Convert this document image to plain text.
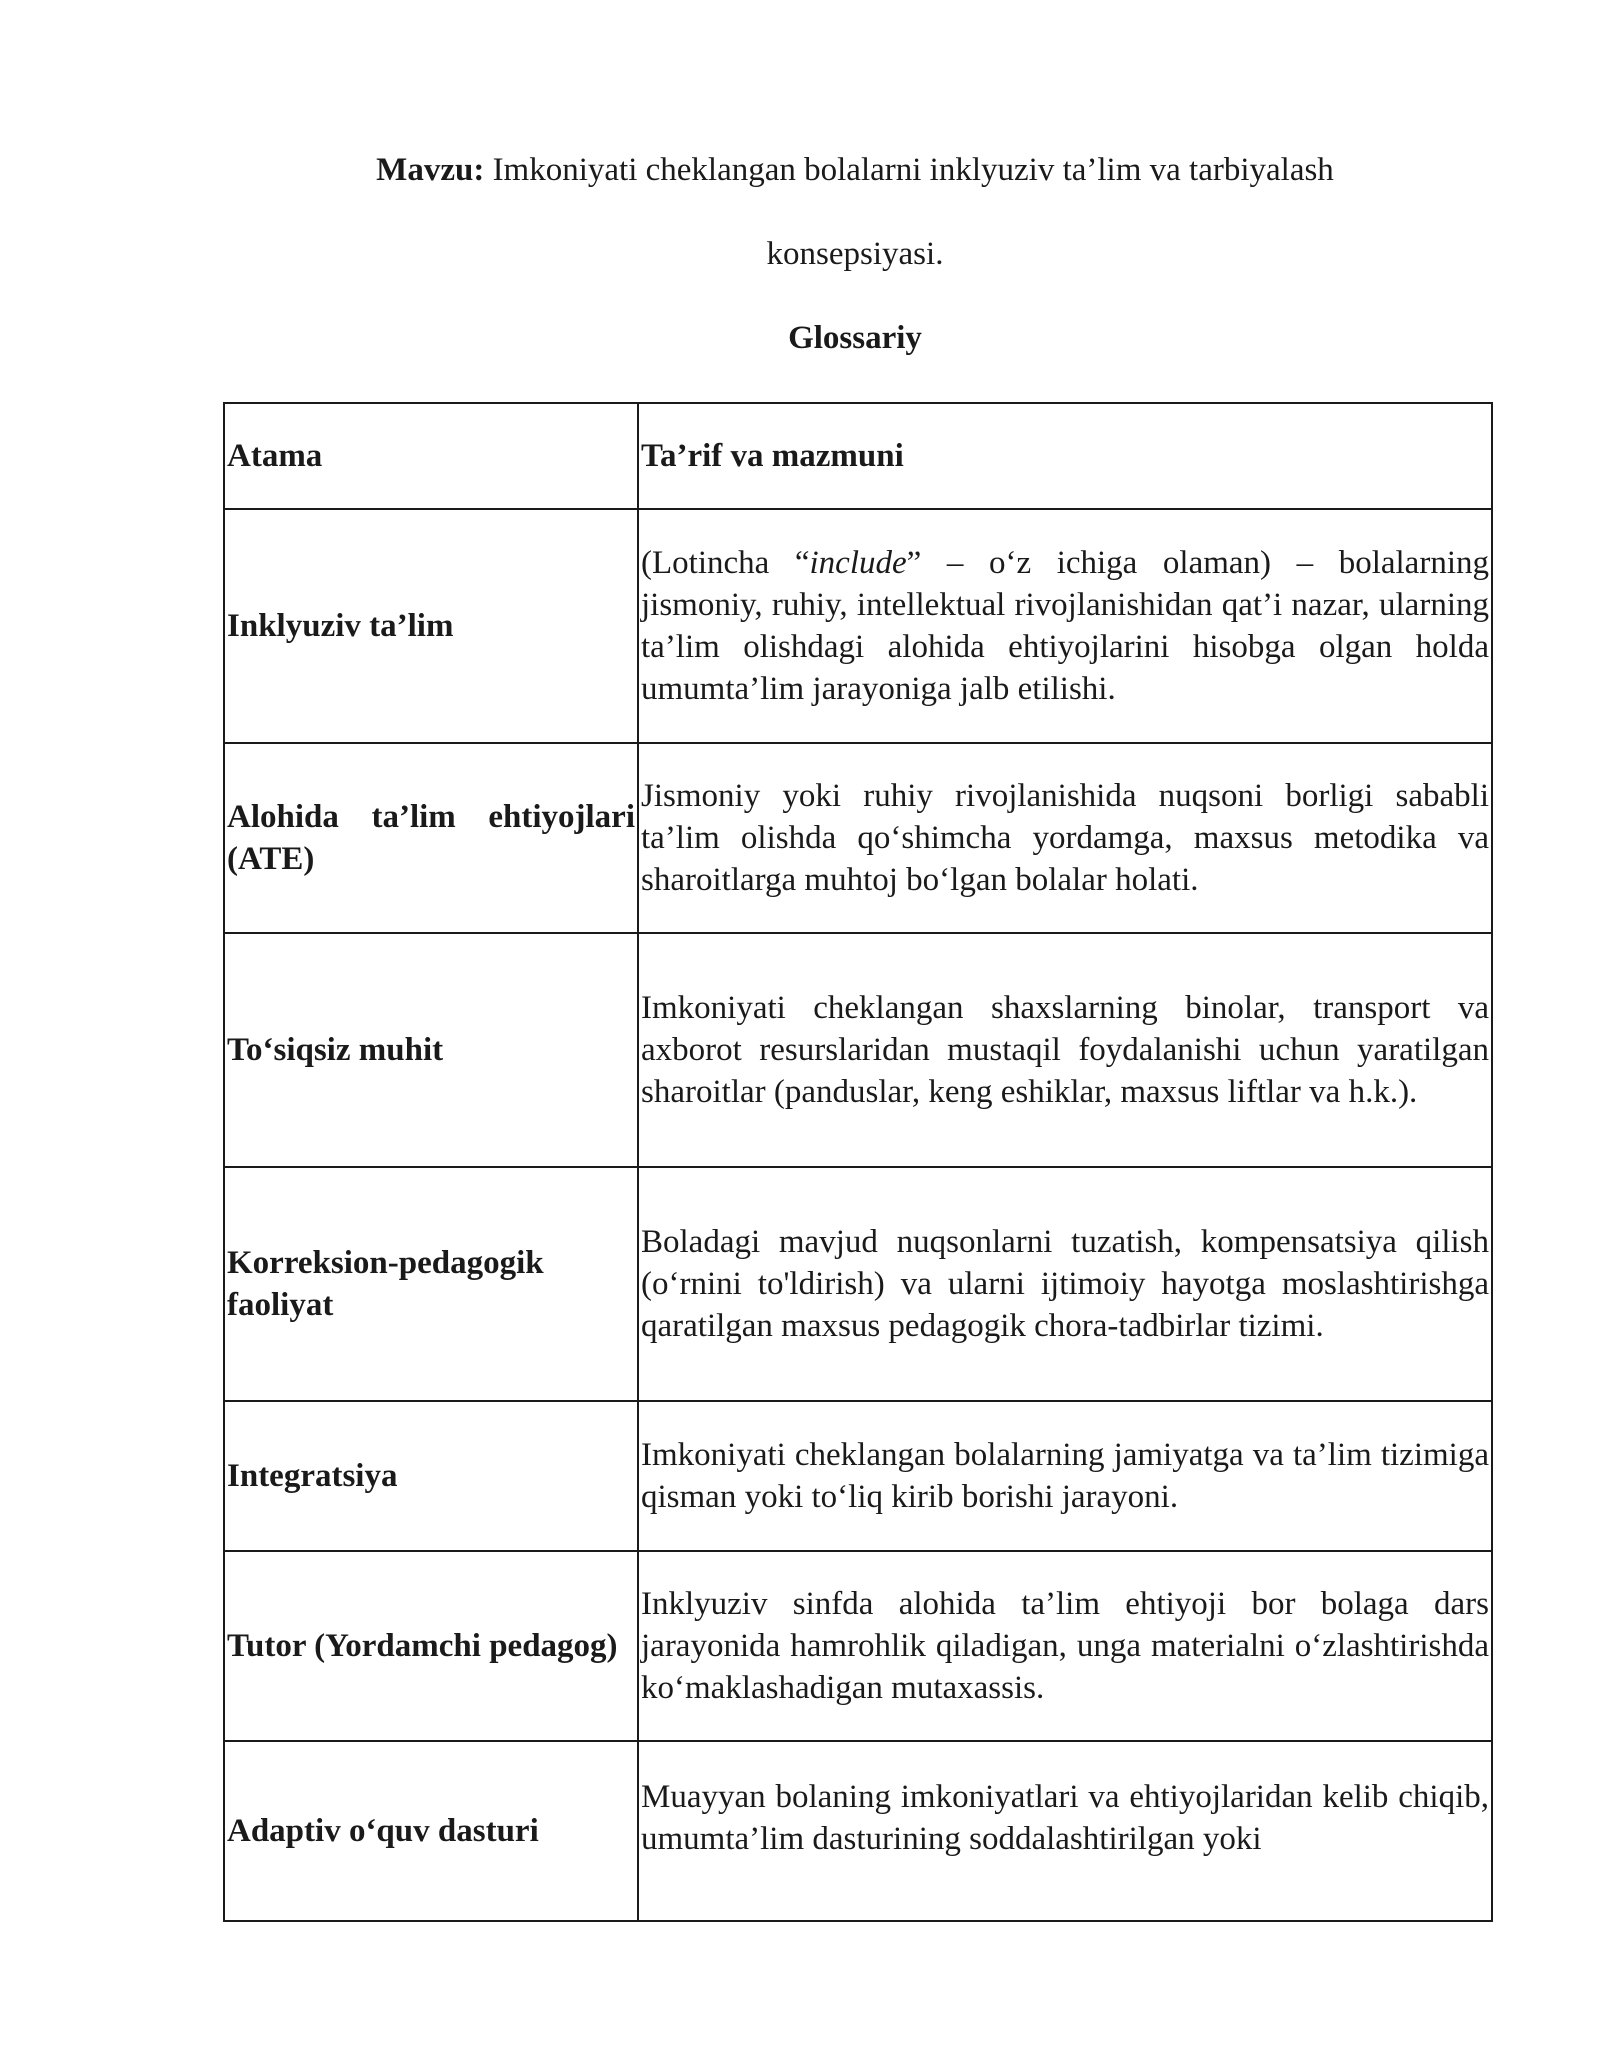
Mavzu: Imkoniyati cheklangan bolalarni inklyuziv ta’lim va tarbiyalash
konsepsiyasi.
Glossariy
Atama	Ta’rif va mazmuni
Inklyuziv ta’lim	(Lotincha “include” – o‘z ichiga olaman) – bolalarning jismoniy, ruhiy, intellektual rivojlanishidan qat’i nazar, ularning ta’lim olishdagi alohida ehtiyojlarini hisobga olgan holda umumta’lim jarayoniga jalb etilishi.
Alohida ta’lim ehtiyojlari (ATE)	Jismoniy yoki ruhiy rivojlanishida nuqsoni borligi sababli ta’lim olishda qo‘shimcha yordamga, maxsus metodika va sharoitlarga muhtoj bo‘lgan bolalar holati.
To‘siqsiz muhit	Imkoniyati cheklangan shaxslarning binolar, transport va axborot resurslaridan mustaqil foydalanishi uchun yaratilgan sharoitlar (panduslar, keng eshiklar, maxsus liftlar va h.k.).
Korreksion-pedagogik faoliyat	Boladagi mavjud nuqsonlarni tuzatish, kompensatsiya qilish (o‘rnini to'ldirish) va ularni ijtimoiy hayotga moslashtirishga qaratilgan maxsus pedagogik chora-tadbirlar tizimi.
Integratsiya	Imkoniyati cheklangan bolalarning jamiyatga va ta’lim tizimiga qisman yoki to‘liq kirib borishi jarayoni.
Tutor (Yordamchi pedagog)	Inklyuziv sinfda alohida ta’lim ehtiyoji bor bolaga dars jarayonida hamrohlik qiladigan, unga materialni o‘zlashtirishda ko‘maklashadigan mutaxassis.
Adaptiv o‘quv dasturi	Muayyan bolaning imkoniyatlari va ehtiyojlaridan kelib chiqib, umumta’lim dasturining soddalashtirilgan yoki
